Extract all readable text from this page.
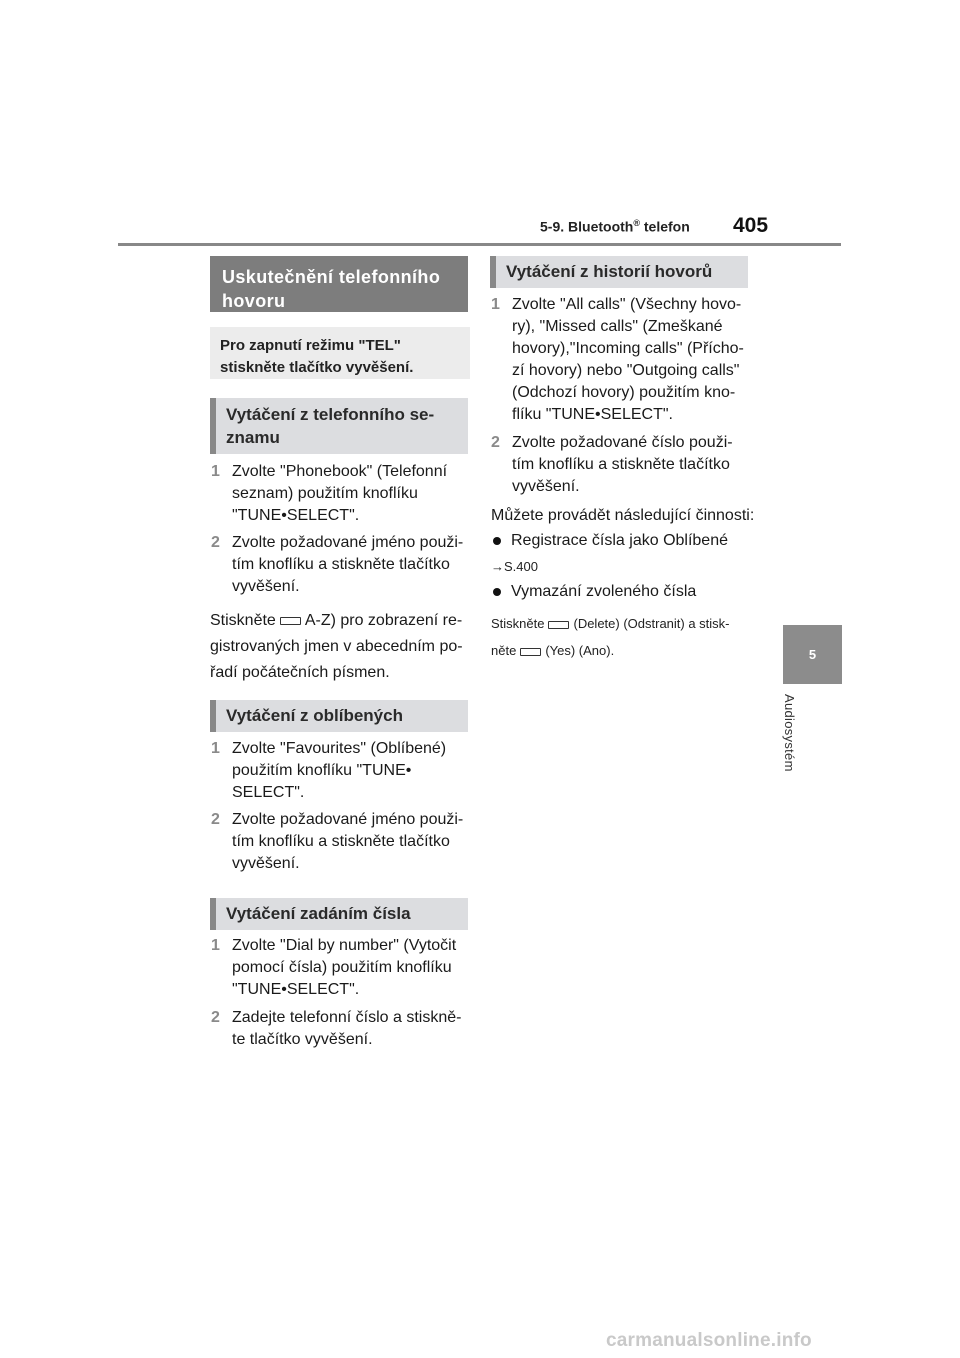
5-9. Bluetooth® telefon 405
5
Audiosystém
Uskutečnění telefonního
hovoru
Pro zapnutí režimu "TEL" stiskněte tlačítko vyvěšení.
Vytáčení z telefonního se- znamu
1 Zvolte "Phonebook" (Telefonní
seznam) použitím knoflíku
"TUNE•SELECT".
2 Zvolte požadované jméno použi-
tím knoflíku a stiskněte tlačítko
vyvěšení.
Stiskněte A-Z) pro zobrazení re-
gistrovaných jmen v abecedním po-
řadí počátečních písmen.
Vytáčení z oblíbených
1 Zvolte "Favourites" (Oblíbené)
použitím knoflíku "TUNE•
SELECT".
2 Zvolte požadované jméno použi-
tím knoflíku a stiskněte tlačítko
vyvěšení.
Vytáčení zadáním čísla
1 Zvolte "Dial by number" (Vytočit
pomocí čísla) použitím knoflíku
"TUNE•SELECT".
2 Zadejte telefonní číslo a stiskně-
te tlačítko vyvěšení.
Vytáčení z historií hovorů
1 Zvolte "All calls" (Všechny hovo-
ry), "Missed calls" (Zmeškané
hovory),"Incoming calls" (Přícho-
zí hovory) nebo "Outgoing calls"
(Odchozí hovory) použitím kno-
flíku "TUNE•SELECT".
2 Zvolte požadované číslo použi-
tím knoflíku a stiskněte tlačítko
vyvěšení.
Můžete provádět následující činnosti:
Registrace čísla jako Oblíbené
→S.400
Vymazání zvoleného čísla
Stiskněte (Delete) (Odstranit) a stisk-
něte (Yes) (Ano).
carmanualsonline.info
